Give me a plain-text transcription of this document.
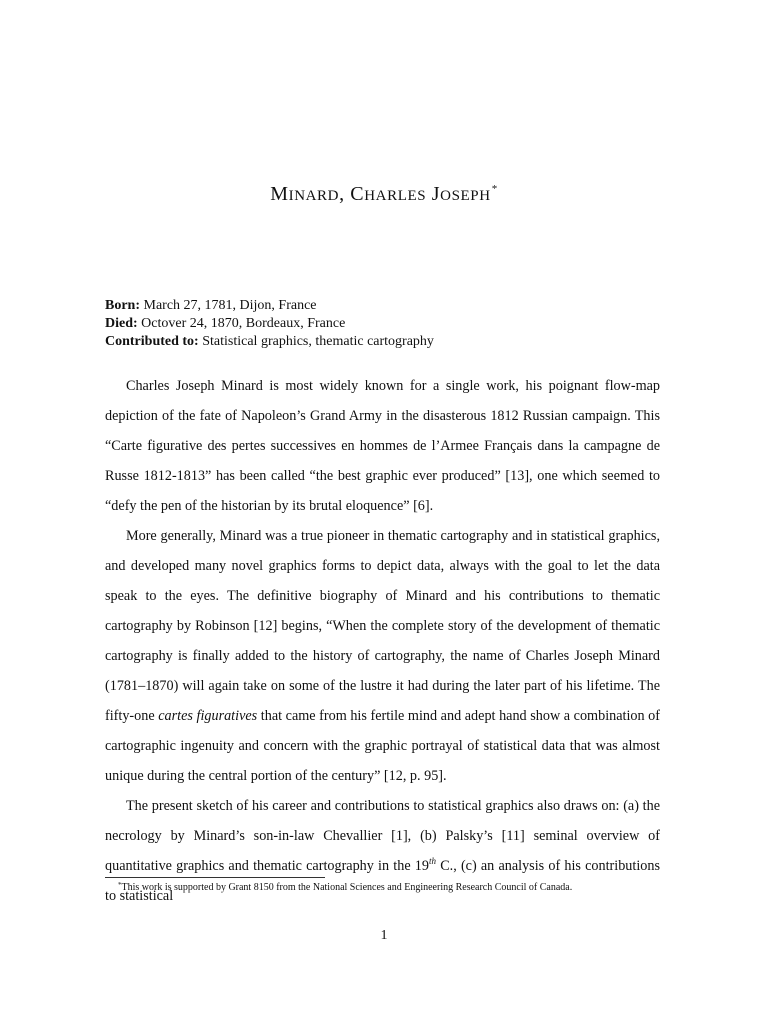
MINARD, CHARLES JOSEPH*
Born: March 27, 1781, Dijon, France
Died: Octover 24, 1870, Bordeaux, France
Contributed to: Statistical graphics, thematic cartography

Charles Joseph Minard is most widely known for a single work, his poignant flow-map depiction of the fate of Napoleon’s Grand Army in the disasterous 1812 Russian campaign. This “Carte figurative des pertes successives en hommes de l’Armee Français dans la campagne de Russe 1812-1813” has been called “the best graphic ever produced” [13], one which seemed to “defy the pen of the historian by its brutal eloquence” [6].

More generally, Minard was a true pioneer in thematic cartography and in statistical graphics, and developed many novel graphics forms to depict data, always with the goal to let the data speak to the eyes. The definitive biography of Minard and his contributions to thematic cartography by Robinson [12] begins, “When the complete story of the development of thematic cartography is finally added to the history of cartography, the name of Charles Joseph Minard (1781–1870) will again take on some of the lustre it had during the later part of his lifetime. The fifty-one cartes figuratives that came from his fertile mind and adept hand show a combination of cartographic ingenuity and concern with the graphic portrayal of statistical data that was almost unique during the central portion of the century” [12, p. 95].

The present sketch of his career and contributions to statistical graphics also draws on: (a) the necrology by Minard’s son-in-law Chevallier [1], (b) Palsky’s [11] seminal overview of quantitative graphics and thematic cartography in the 19th C., (c) an analysis of his contributions to statistical

*This work is supported by Grant 8150 from the National Sciences and Engineering Research Council of Canada.
1
